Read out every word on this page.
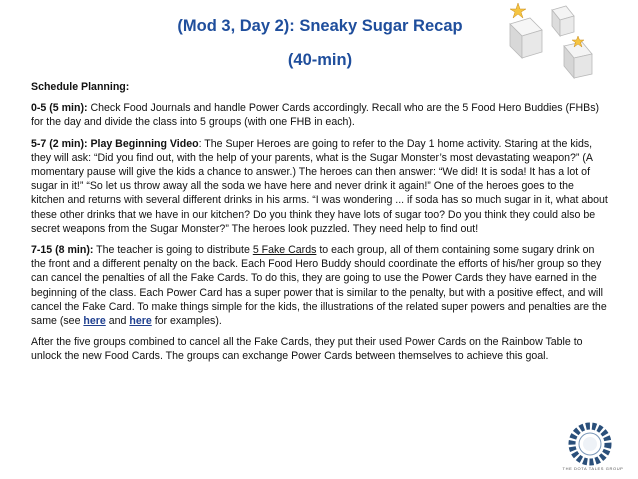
(Mod 3, Day 2): Sneaky Sugar Recap
(40-min)

Schedule Planning:

0-5 (5 min): Check Food Journals and handle Power Cards accordingly. Recall who are the 5 Food Hero Buddies (FHBs) for the day and divide the class into 5 groups (with one FHB in each).

5-7 (2 min): Play Beginning Video: The Super Heroes are going to refer to the Day 1 home activity. Staring at the kids, they will ask: “Did you find out, with the help of your parents, what is the Sugar Monster’s most devastating weapon?” (A momentary pause will give the kids a chance to answer.) The heroes can then answer: “We did! It is soda! It has a lot of sugar in it!” “So let us throw away all the soda we have here and never drink it again!” One of the heroes goes to the kitchen and returns with several different drinks in his arms. “I was wondering ... if soda has so much sugar in it, what about these other drinks that we have in our kitchen? Do you think they have lots of sugar too? Do you think they could also be secret weapons from the Sugar Monster?” The heroes look puzzled. They need help to find out!

7-15 (8 min): The teacher is going to distribute 5 Fake Cards to each group, all of them containing some sugary drink on the front and a different penalty on the back. Each Food Hero Buddy should coordinate the efforts of his/her group so they can cancel the penalties of all the Fake Cards. To do this, they are going to use the Power Cards they have earned in the beginning of the class. Each Power Card has a super power that is similar to the penalty, but with a positive effect, and will cancel the Fake Card. To make things simple for the kids, the illustrations of the related super powers and penalties are the same (see here and here for examples).

After the five groups combined to cancel all the Fake Cards, they put their used Power Cards on the Rainbow Table to unlock the new Food Cards. The groups can exchange Power Cards between themselves to achieve this goal.

THE DOTA TALES GROUP
